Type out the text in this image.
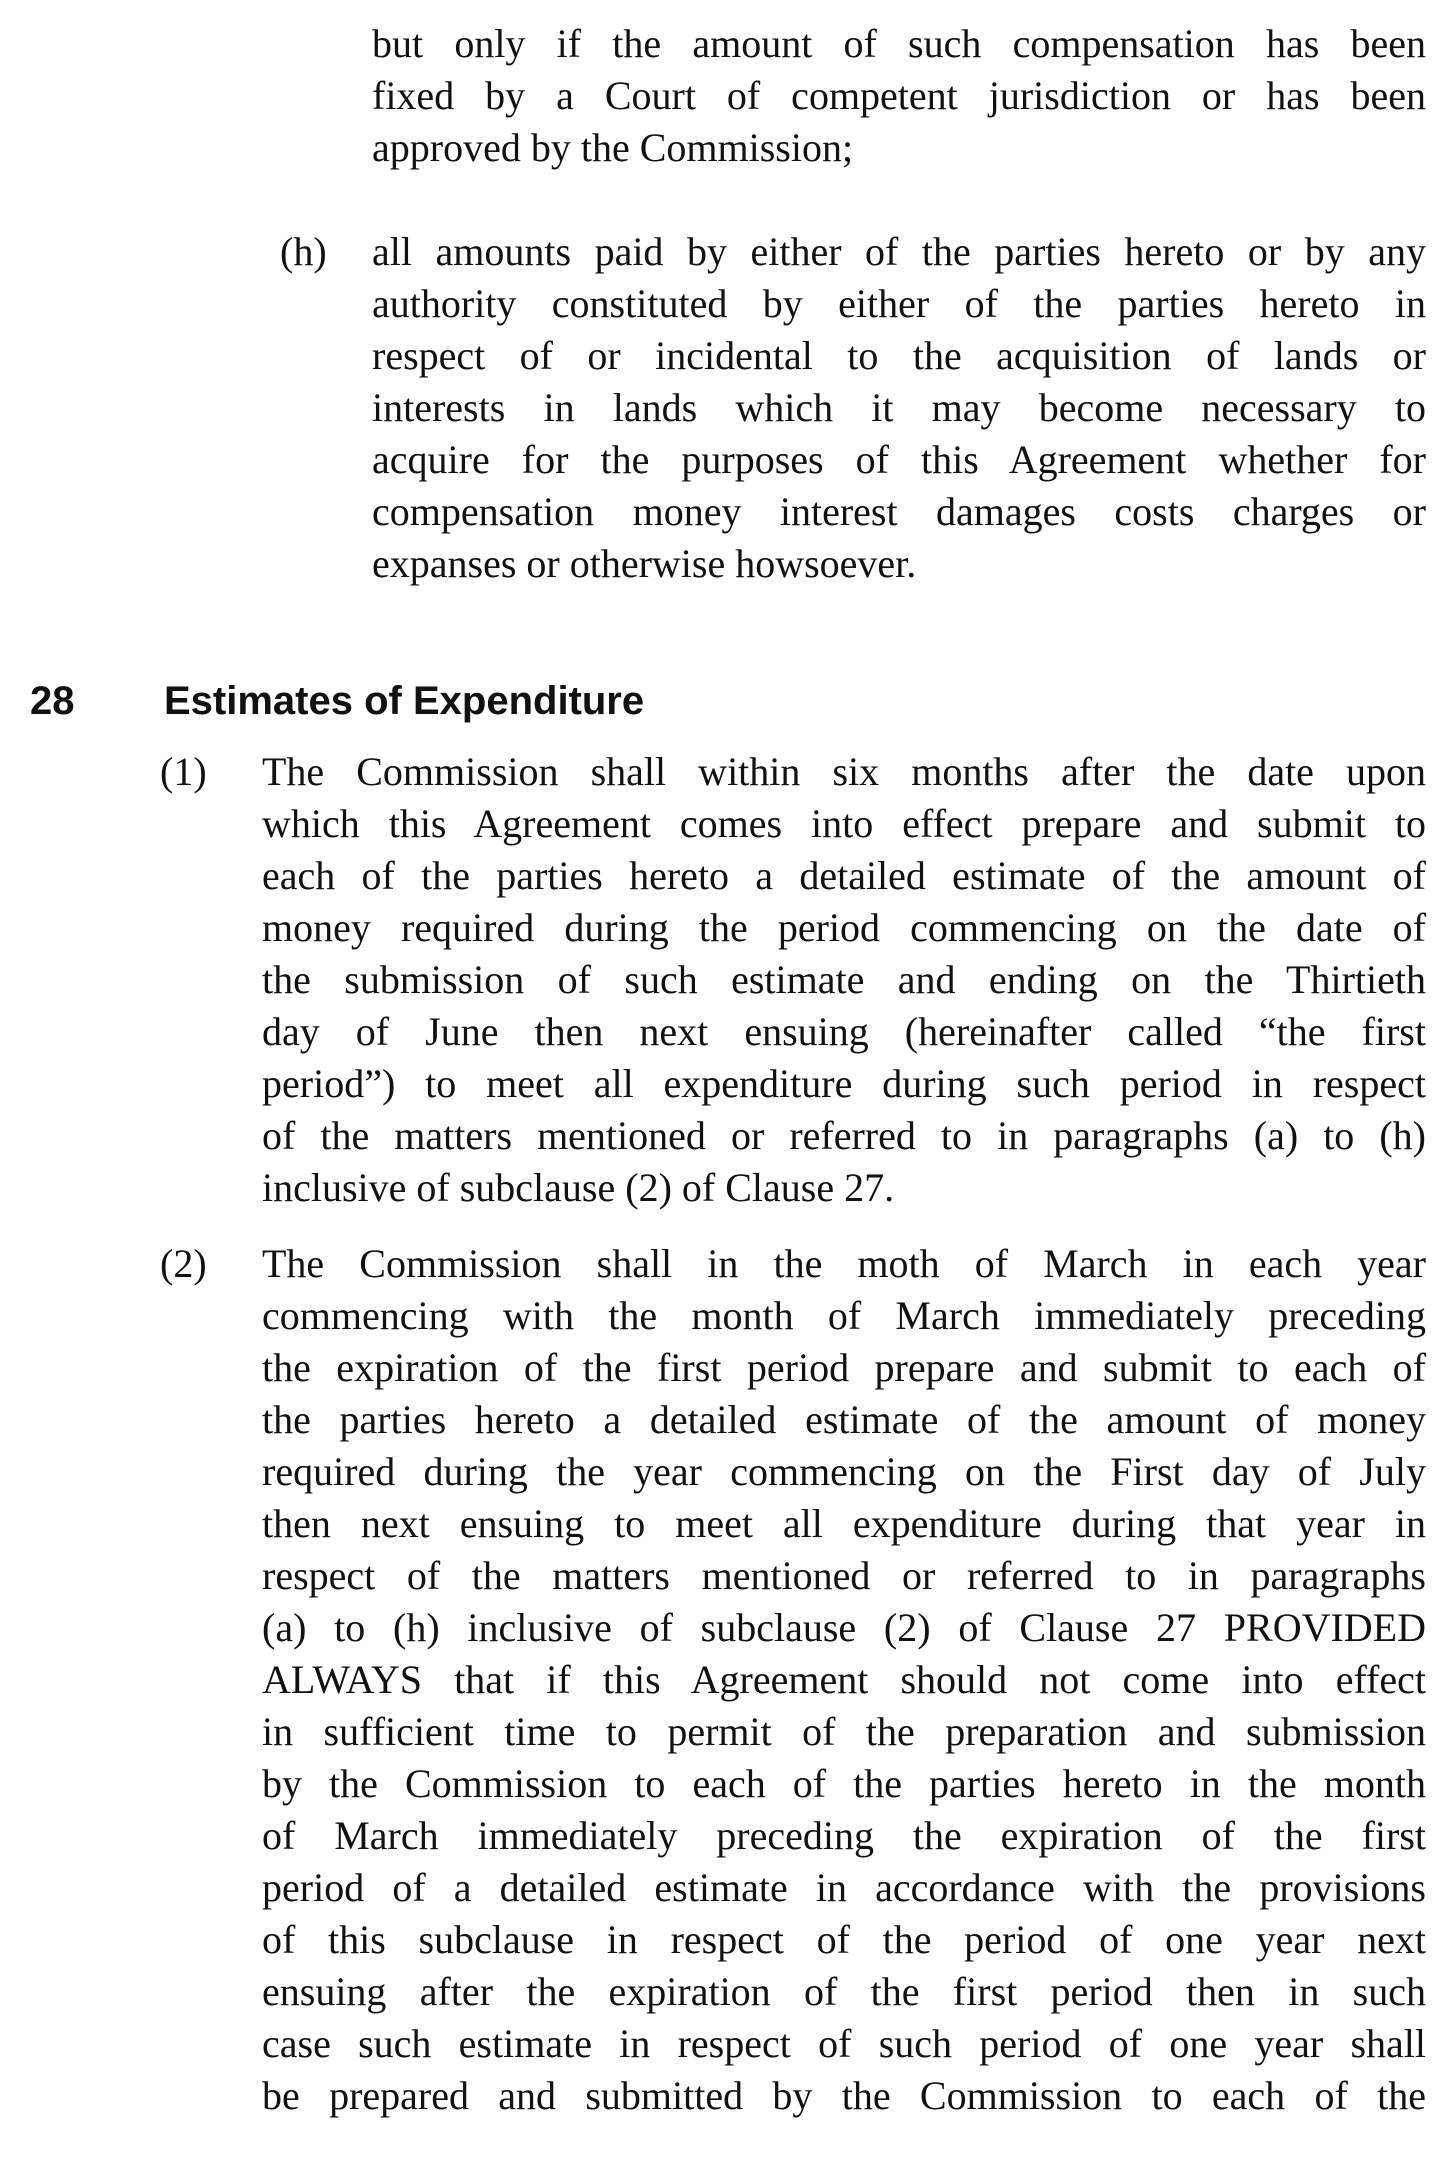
but only if the amount of such compensation has been
fixed by a Court of competent jurisdiction or has been
approved by the Commission;
(h) all amounts paid by either of the parties hereto or by any
authority constituted by either of the parties hereto in
respect of or incidental to the acquisition of lands or
interests in lands which it may become necessary to
acquire for the purposes of this Agreement whether for
compensation money interest damages costs charges or
expanses or otherwise howsoever.
28 Estimates of Expenditure
(1) The Commission shall within six months after the date upon
which this Agreement comes into effect prepare and submit to
each of the parties hereto a detailed estimate of the amount of
money required during the period commencing on the date of
the submission of such estimate and ending on the Thirtieth
day of June then next ensuing (hereinafter called “the first
period”) to meet all expenditure during such period in respect
of the matters mentioned or referred to in paragraphs (a) to (h)
inclusive of subclause (2) of Clause 27.
(2) The Commission shall in the moth of March in each year
commencing with the month of March immediately preceding
the expiration of the first period prepare and submit to each of
the parties hereto a detailed estimate of the amount of money
required during the year commencing on the First day of July
then next ensuing to meet all expenditure during that year in
respect of the matters mentioned or referred to in paragraphs
(a) to (h) inclusive of subclause (2) of Clause 27 PROVIDED
ALWAYS that if this Agreement should not come into effect
in sufficient time to permit of the preparation and submission
by the Commission to each of the parties hereto in the month
of March immediately preceding the expiration of the first
period of a detailed estimate in accordance with the provisions
of this subclause in respect of the period of one year next
ensuing after the expiration of the first period then in such
case such estimate in respect of such period of one year shall
be prepared and submitted by the Commission to each of the
